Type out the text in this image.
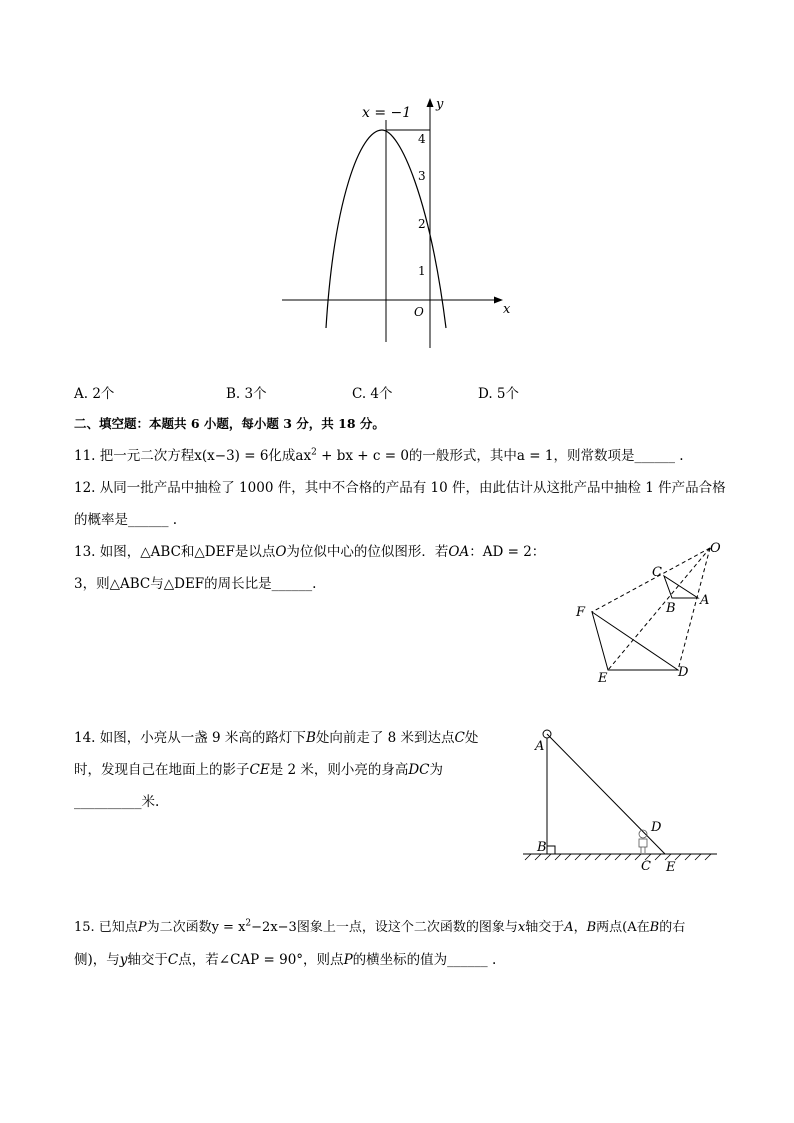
x = −1
y
x
O
4
3
2
1
A. 2个	B. 3个	C. 4个	D. 5个
二、填空题：本题共 6 小题，每小题 3 分，共 18 分。
11. 把一元二次方程x(x−3) = 6化成$ax^2$ + bx + c = 0的一般形式，其中a = 1，则常数项是______ .
12. 从同一批产品中抽检了 1000 件，其中不合格的产品有 10 件，由此估计从这批产品中抽检 1 件产品合格
的概率是______ .
13. 如图，△ABC和△DEF是以点O为位似中心的位似图形．若OA：AD = 2：
3，则△ABC与△DEF的周长比是______.
O
C
B
A
F
E	D
14. 如图，小亮从一盏 9 米高的路灯下B处向前走了 8 米到达点C处
时，发现自己在地面上的影子CE是 2 米，则小亮的身高DC为
__________米.
A
B
D
C E
15. 已知点P为二次函数$y = x^2-2x-3$图象上一点，设这个二次函数的图象与x轴交于A，B两点(A在B的右
侧)，与y轴交于C点，若∠CAP = 90°，则点P的横坐标的值为______ .
